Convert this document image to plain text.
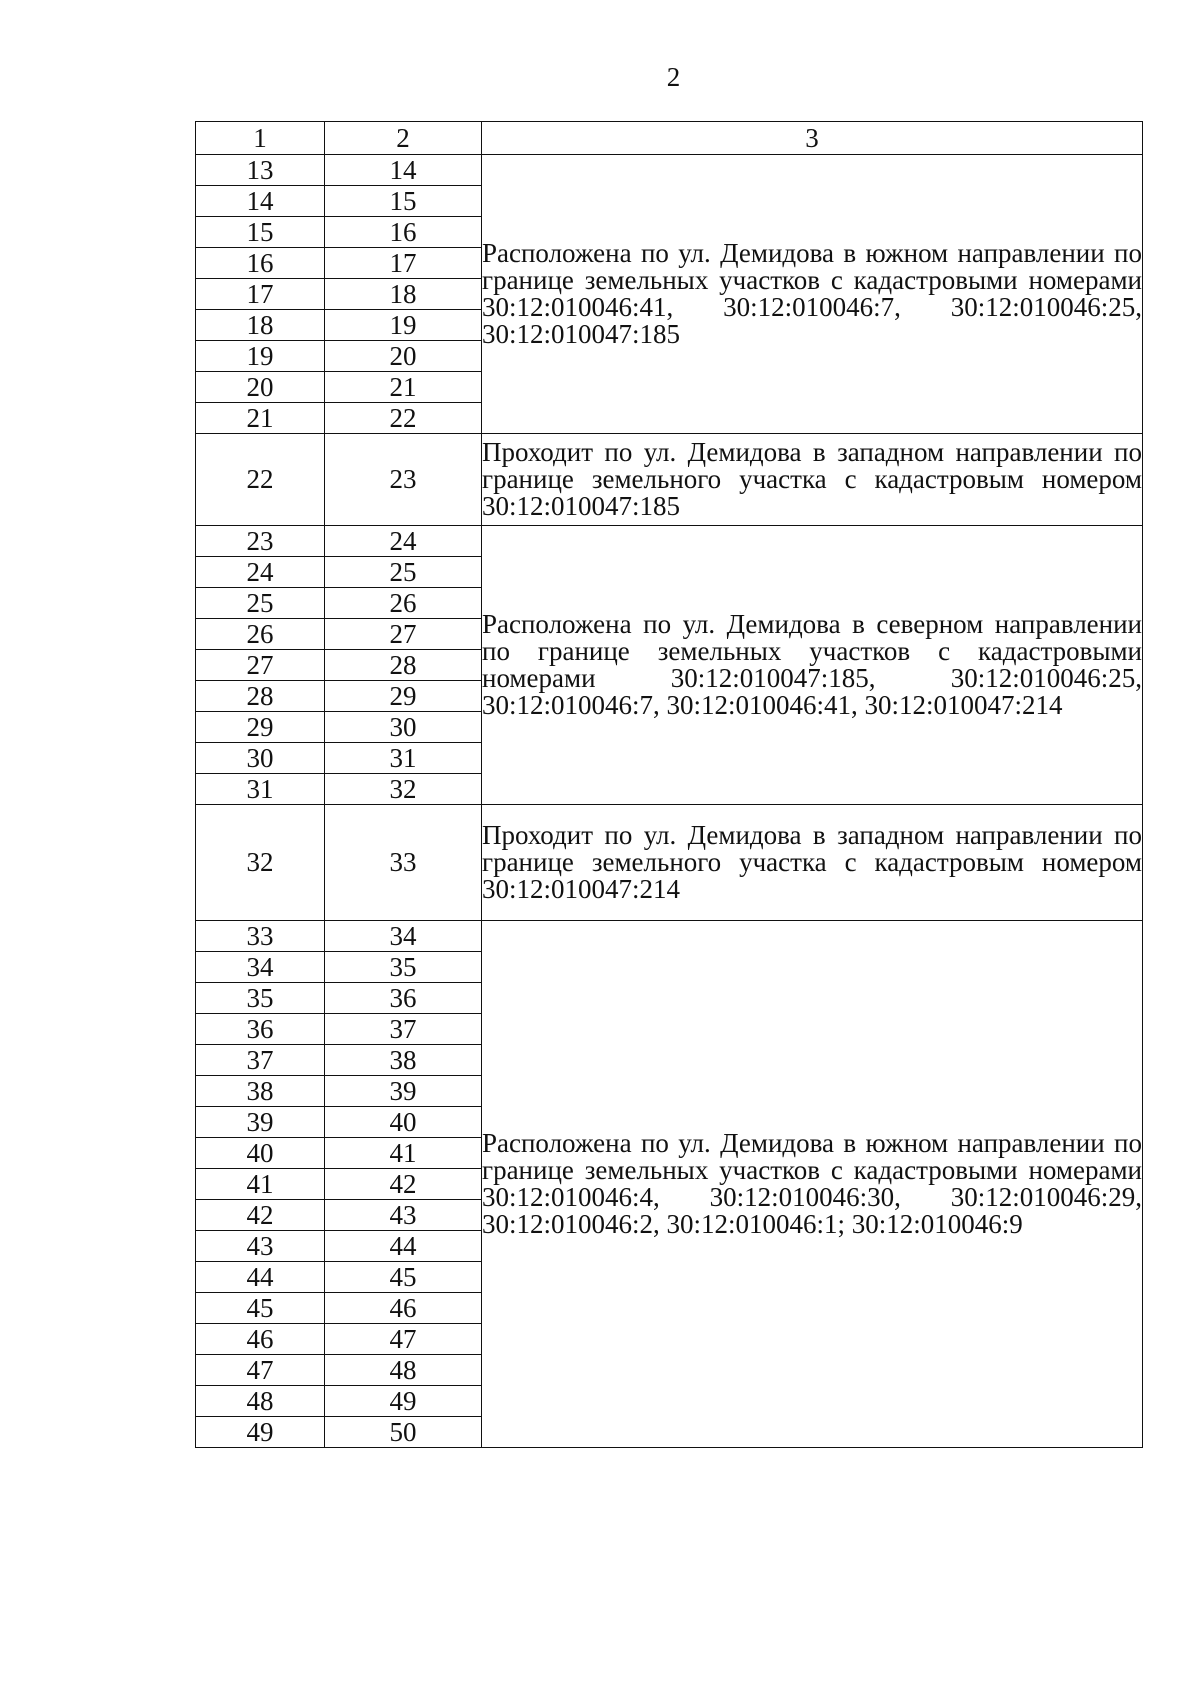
2
1	2	3
13	14	Расположена по ул. Демидова в южном направлении по границе земельных участков с кадастровыми номерами 30:12:010046:41, 30:12:010046:7, 30:12:010046:25, 30:12:010047:185

14	15	
15	16	
16	17	
17	18	
18	19	
19	20	
20	21	
21	22	
22	23	Проходит по ул. Демидова в западном направлении по границе земельного участка с кадастровым номером 30:12:010047:185

23	24	Расположена по ул. Демидова в северном направлении по границе земельных участков с кадастровыми номерами 30:12:010047:185, 30:12:010046:25, 30:12:010046:7, 30:12:010046:41, 30:12:010047:214

24	25	
25	26	
26	27	
27	28	
28	29	
29	30	
30	31	
31	32	
32	33	Проходит по ул. Демидова в западном направлении по границе земельного участка с кадастровым номером 30:12:010047:214

33	34	Расположена по ул. Демидова в южном направлении по границе земельных участков с кадастровыми номерами 30:12:010046:4, 30:12:010046:30, 30:12:010046:29, 30:12:010046:2, 30:12:010046:1; 30:12:010046:9

34	35	
35	36	
36	37	
37	38	
38	39	
39	40	
40	41	
41	42	
42	43	
43	44	
44	45	
45	46	
46	47	
47	48	
48	49	
49	50	
